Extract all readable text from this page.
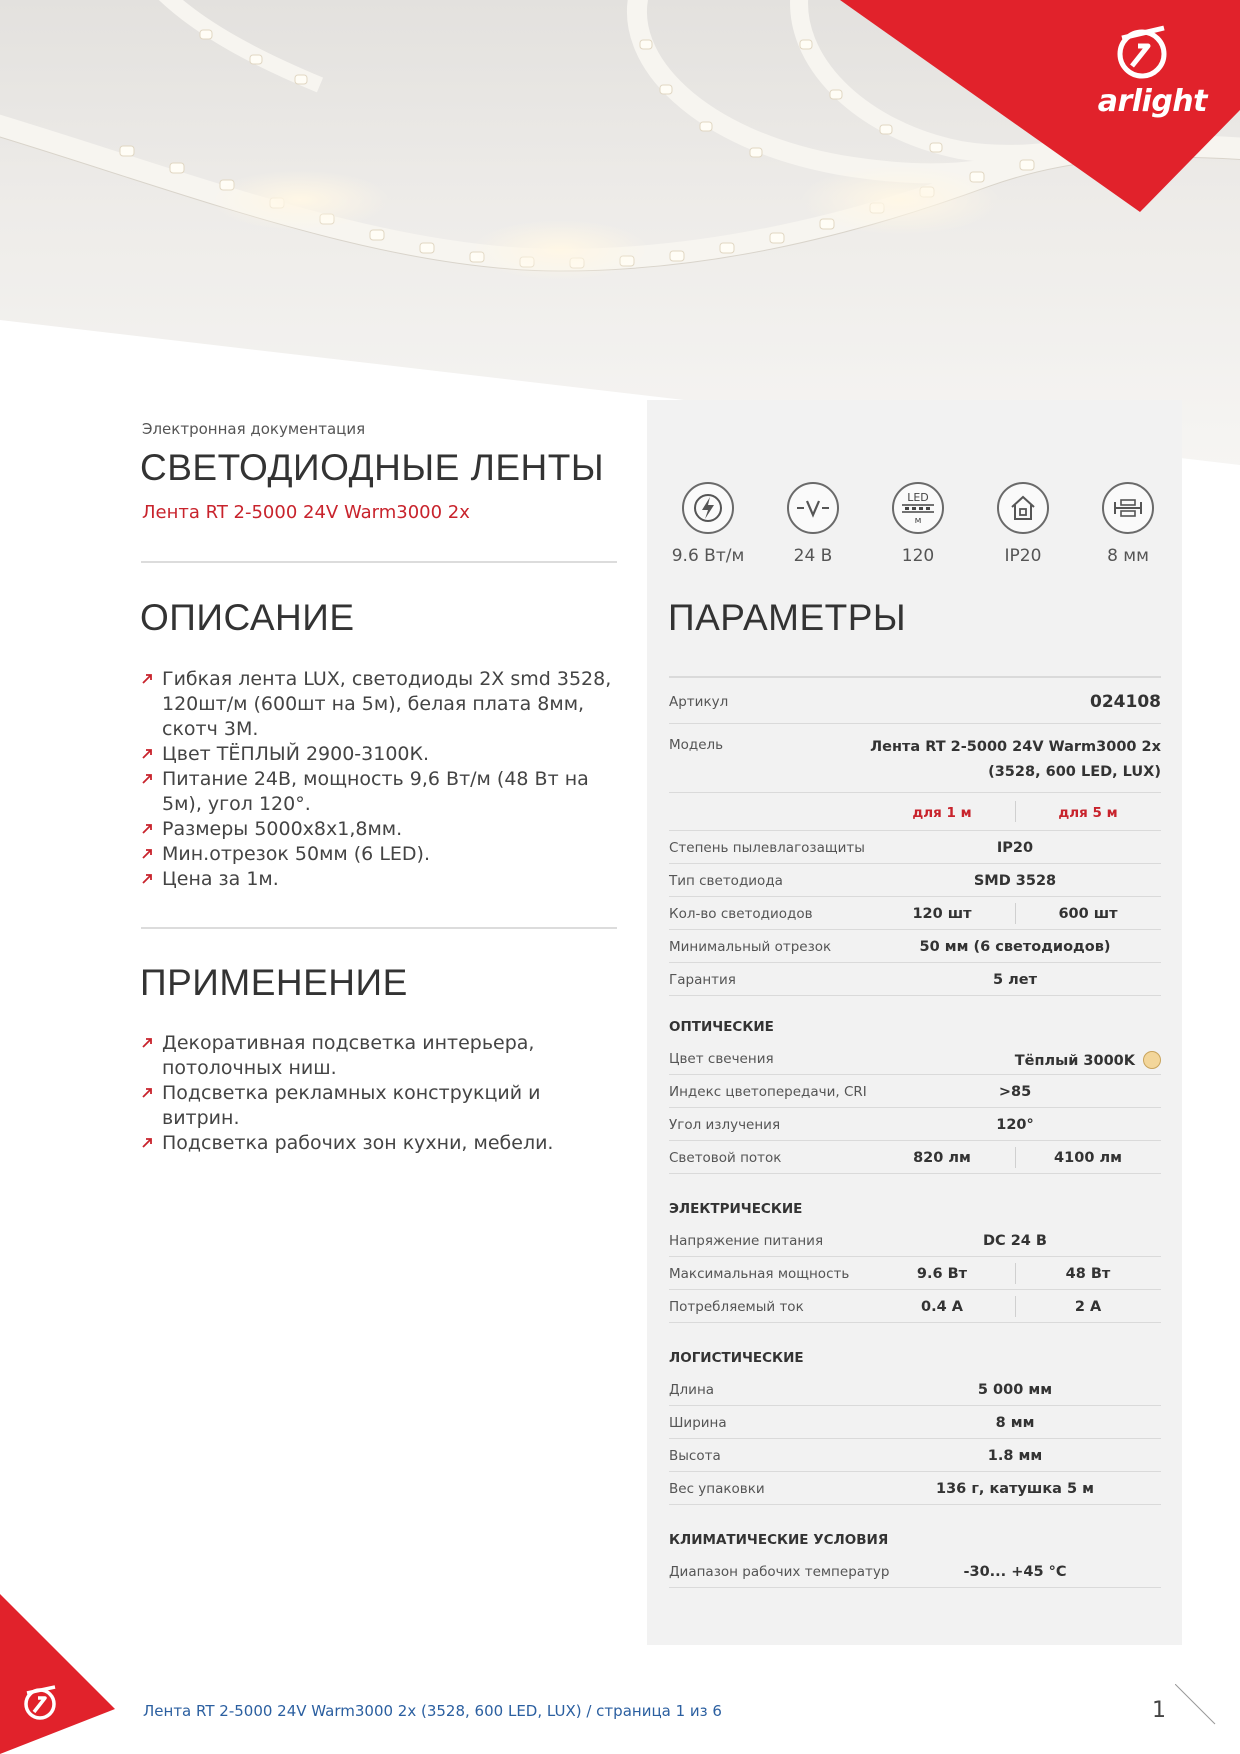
arlight
Электронная документация
СВЕТОДИОДНЫЕ ЛЕНТЫ
Лента RT 2-5000 24V Warm3000 2x
ОПИСАНИЕ
Гибкая лента LUX, светодиоды 2Х smd 3528, 120шт/м (600шт на 5м), белая плата 8мм, скотч 3М.
Цвет ТЁПЛЫЙ 2900-3100К.
Питание 24В, мощность 9,6 Вт/м (48 Вт на 5м), угол 120°.
Размеры 5000х8х1,8мм.
Мин.отрезок 50мм (6 LED).
Цена за 1м.
ПРИМЕНЕНИЕ
Декоративная подсветка интерьера, потолочных ниш.
Подсветка рекламных конструкций и витрин.
Подсветка рабочих зон кухни, мебели.
9.6 Вт/м	24 В
LED
м
120	IP20	8 мм
ПАРАМЕТРЫ
Артикул	024108
Модель	Лента RT 2-5000 24V Warm3000 2x
(3528, 600 LED, LUX)
для 1 м	для 5 м
Степень пылевлагозащиты	IP20
Тип светодиода	SMD 3528
Кол-во светодиодов	120 шт	600 шт
Минимальный отрезок	50 мм (6 светодиодов)
Гарантия	5 лет
ОПТИЧЕСКИЕ
Цвет свечения	Тёплый 3000K
Индекс цветопередачи, CRI	>85
Угол излучения	120°
Световой поток	820 лм	4100 лм
ЭЛЕКТРИЧЕСКИЕ
Напряжение питания	DC 24 В
Максимальная мощность	9.6 Вт	48 Вт
Потребляемый ток	0.4 А	2 А
ЛОГИСТИЧЕСКИЕ
Длина	5 000 мм
Ширина	8 мм
Высота	1.8 мм
Вес упаковки	136 г, катушка 5 м
КЛИМАТИЧЕСКИЕ УСЛОВИЯ
Диапазон рабочих температур	-30... +45 °C
Лента RT 2-5000 24V Warm3000 2x (3528, 600 LED, LUX) / страница 1 из 6	1
